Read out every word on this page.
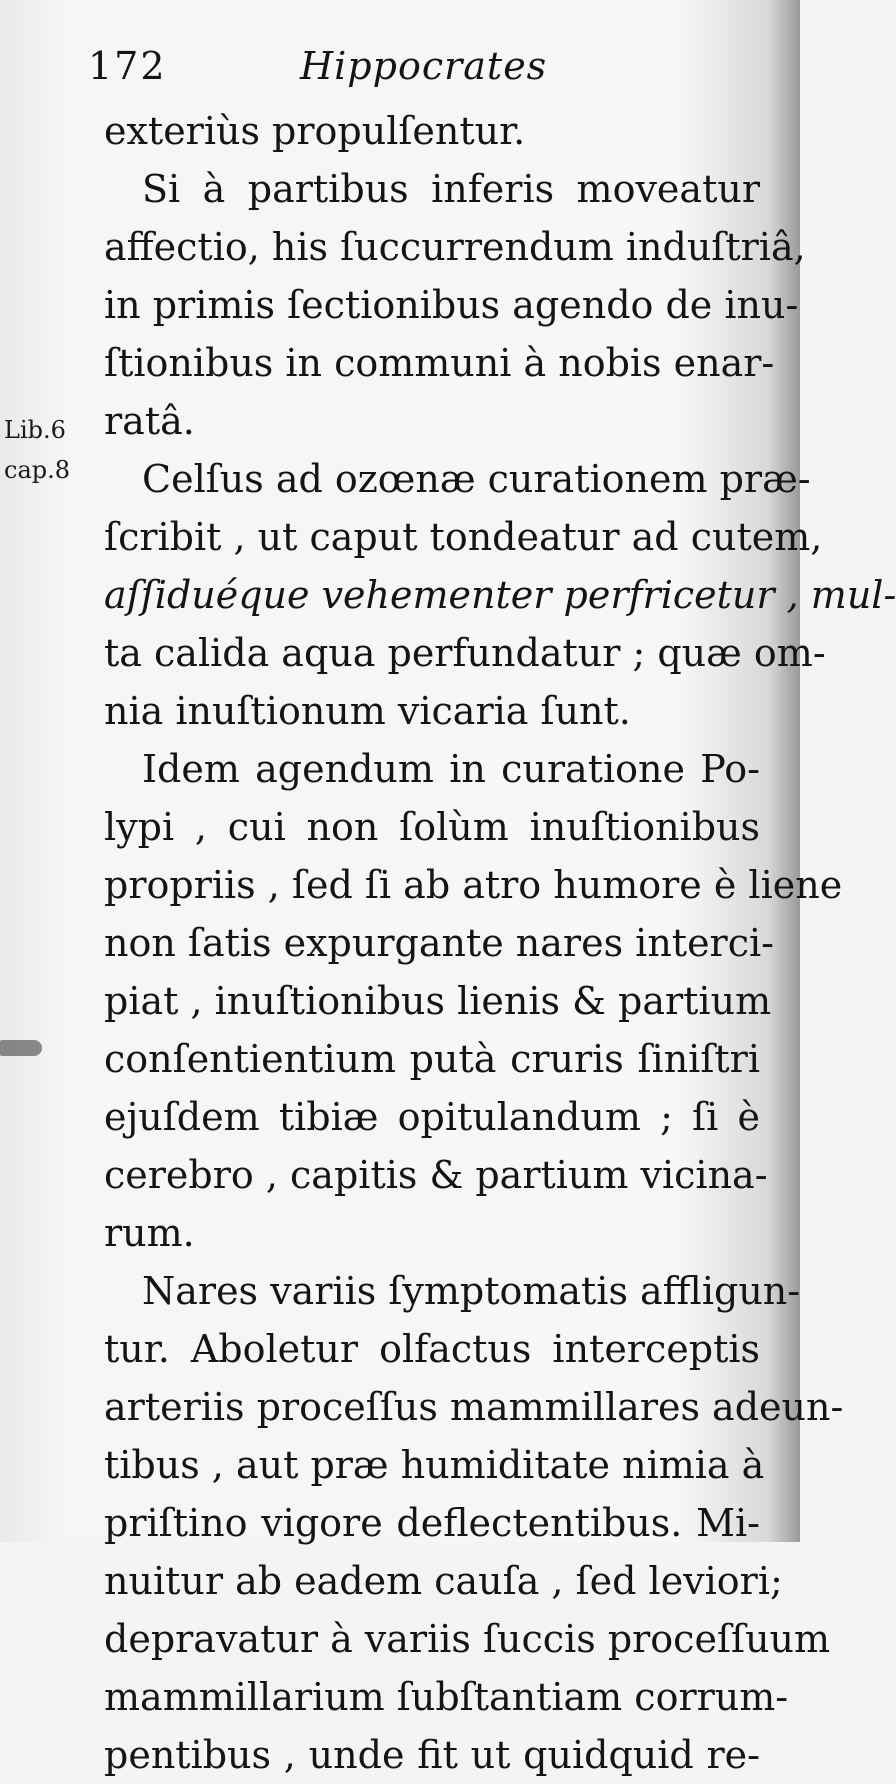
172	Hippocrates
Lib.6
cap.8
exteriùs propulſentur.
Si à partibus inferis moveatur
affectio, his ſuccurrendum induſtriâ,
in primis ſectionibus agendo de inu-
ſtionibus in communi à nobis enar-
ratâ.
Celſus ad ozœnæ curationem præ-
ſcribit , ut caput tondeatur ad cutem,
aſſiduéque vehementer perfricetur , mul-
ta calida aqua perfundatur ; quæ om-
nia inuſtionum vicaria ſunt.
Idem agendum in curatione Po-
lypi , cui non ſolùm inuſtionibus
propriis , ſed ſi ab atro humore è liene
non ſatis expurgante nares interci-
piat , inuſtionibus lienis & partium
conſentientium putà cruris ſiniſtri
ejuſdem tibiæ opitulandum ; ſi è
cerebro , capitis & partium vicina-
rum.
Nares variis ſymptomatis affligun-
tur. Aboletur olfactus interceptis
arteriis proceſſus mammillares adeun-
tibus , aut præ humiditate nimia à
priſtino vigore deflectentibus. Mi-
nuitur ab eadem cauſa , ſed leviori;
depravatur à variis ſuccis proceſſuum
mammillarium ſubſtantiam corrum-
pentibus , unde fit ut quidquid re-
